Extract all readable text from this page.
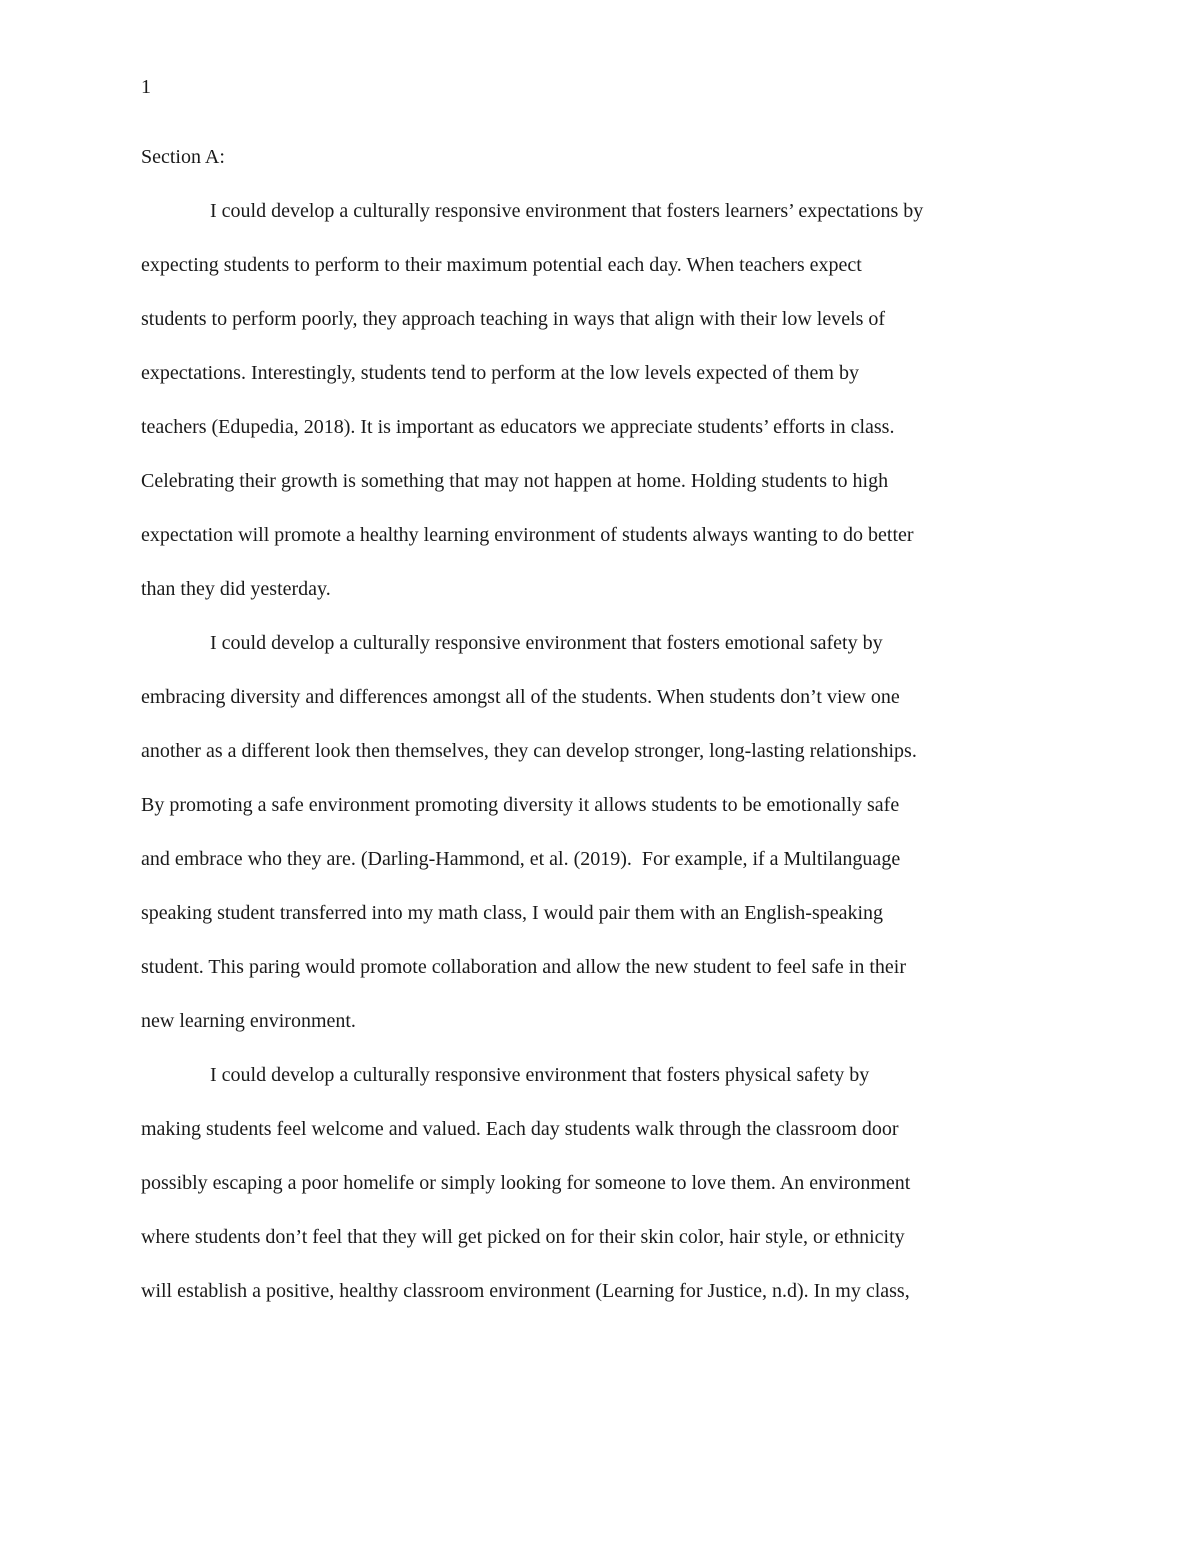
1
Section A:
I could develop a culturally responsive environment that fosters learners’ expectations by
expecting students to perform to their maximum potential each day. When teachers expect
students to perform poorly, they approach teaching in ways that align with their low levels of
expectations. Interestingly, students tend to perform at the low levels expected of them by
teachers (Edupedia, 2018). It is important as educators we appreciate students’ efforts in class.
Celebrating their growth is something that may not happen at home. Holding students to high
expectation will promote a healthy learning environment of students always wanting to do better
than they did yesterday.
I could develop a culturally responsive environment that fosters emotional safety by
embracing diversity and differences amongst all of the students. When students don’t view one
another as a different look then themselves, they can develop stronger, long-lasting relationships.
By promoting a safe environment promoting diversity it allows students to be emotionally safe
and embrace who they are. (Darling-Hammond, et al. (2019).  For example, if a Multilanguage
speaking student transferred into my math class, I would pair them with an English-speaking
student. This paring would promote collaboration and allow the new student to feel safe in their
new learning environment.
I could develop a culturally responsive environment that fosters physical safety by
making students feel welcome and valued. Each day students walk through the classroom door
possibly escaping a poor homelife or simply looking for someone to love them. An environment
where students don’t feel that they will get picked on for their skin color, hair style, or ethnicity
will establish a positive, healthy classroom environment (Learning for Justice, n.d). In my class,
